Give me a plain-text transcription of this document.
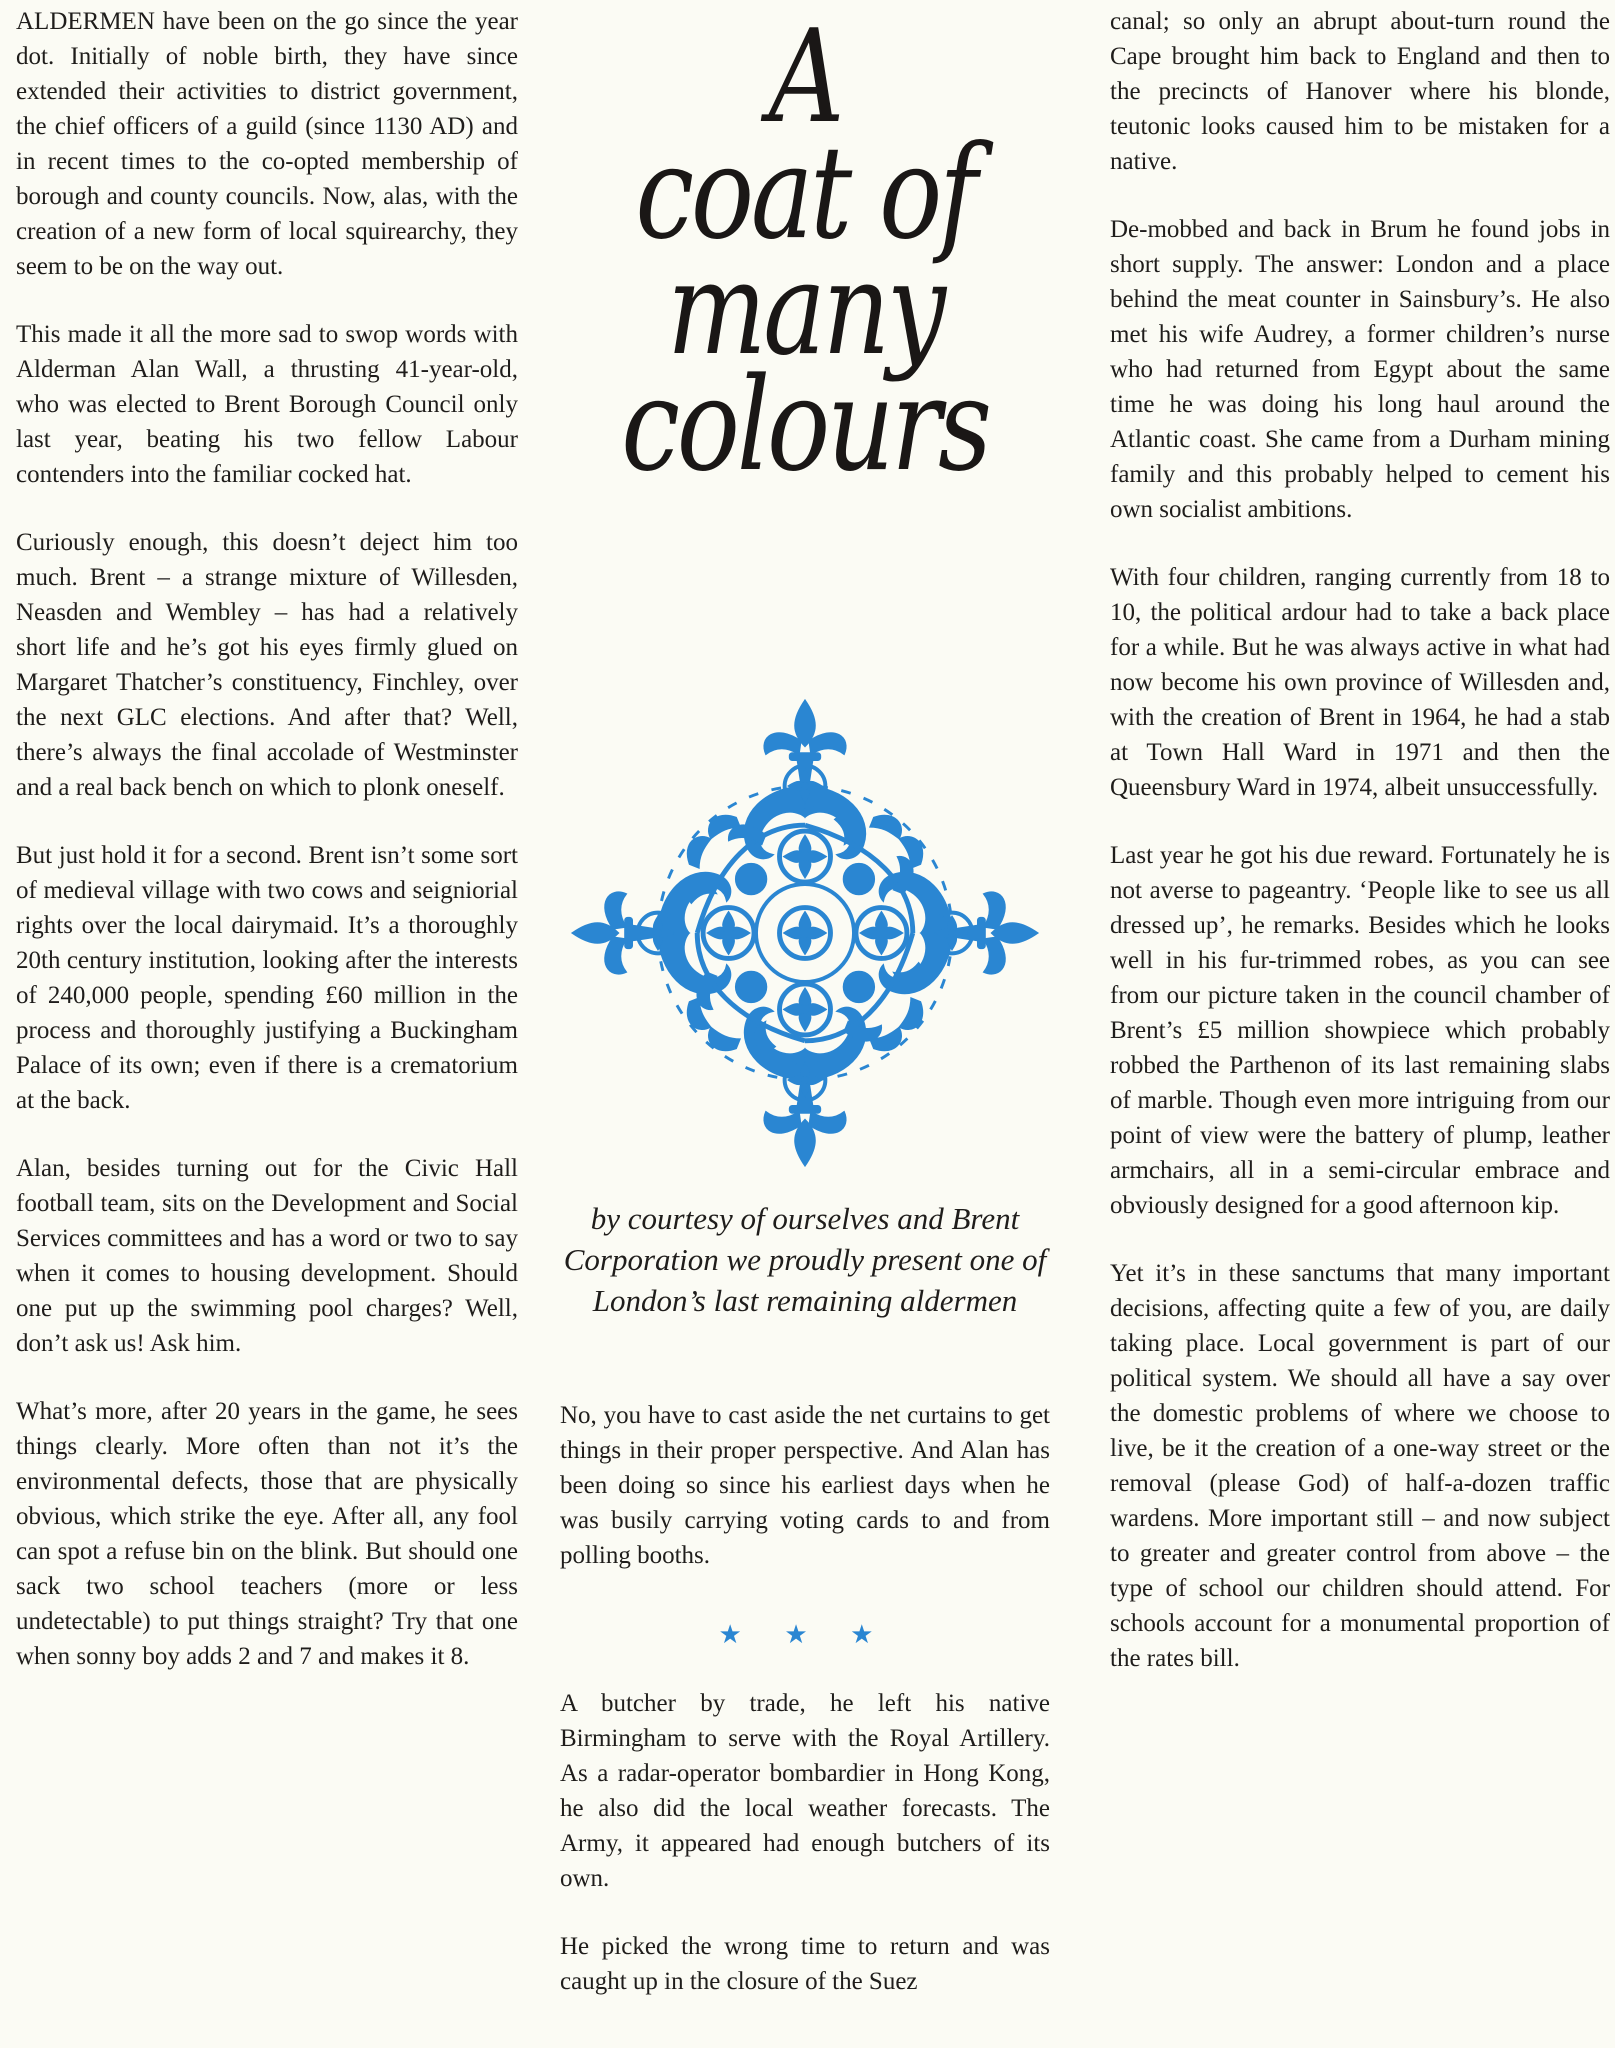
ALDERMEN have been on the go since the year dot. Initially of noble birth, they have since extended their activities to district government, the chief officers of a guild (since 1130 AD) and in recent times to the co-opted membership of borough and county councils. Now, alas, with the creation of a new form of local squirearchy, they seem to be on the way out.

This made it all the more sad to swop words with Alderman Alan Wall, a thrusting 41-year-old, who was elected to Brent Borough Council only last year, beating his two fellow Labour contenders into the familiar cocked hat.

Curiously enough, this doesn’t deject him too much. Brent – a strange mixture of Willesden, Neasden and Wembley – has had a relatively short life and he’s got his eyes firmly glued on Margaret Thatcher’s constituency, Finchley, over the next GLC elections. And after that? Well, there’s always the final accolade of Westminster and a real back bench on which to plonk oneself.

But just hold it for a second. Brent isn’t some sort of medieval village with two cows and seigniorial rights over the local dairymaid. It’s a thoroughly 20th century institution, looking after the interests of 240,000 people, spending £60 million in the process and thoroughly justifying a Buckingham Palace of its own; even if there is a crematorium at the back.

Alan, besides turning out for the Civic Hall football team, sits on the Development and Social Services committees and has a word or two to say when it comes to housing development. Should one put up the swimming pool charges? Well, don’t ask us! Ask him.

What’s more, after 20 years in the game, he sees things clearly. More often than not it’s the environmental defects, those that are physically obvious, which strike the eye. After all, any fool can spot a refuse bin on the blink. But should one sack two school teachers (more or less undetectable) to put things straight? Try that one when sonny boy adds 2 and 7 and makes it 8.

A
coat of
many
colours
by courtesy of ourselves and Brent Corporation we proudly present one of London’s last remaining aldermen

No, you have to cast aside the net curtains to get things in their proper perspective. And Alan has been doing so since his earliest days when he was busily carrying voting cards to and from polling booths.

★ ★ ★

A butcher by trade, he left his native Birmingham to serve with the Royal Artillery. As a radar-operator bombardier in Hong Kong, he also did the local weather forecasts. The Army, it appeared had enough butchers of its own.

He picked the wrong time to return and was caught up in the closure of the Suez

canal; so only an abrupt about-turn round the Cape brought him back to England and then to the precincts of Hanover where his blonde, teutonic looks caused him to be mistaken for a native.

De-mobbed and back in Brum he found jobs in short supply. The answer: London and a place behind the meat counter in Sainsbury’s. He also met his wife Audrey, a former children’s nurse who had returned from Egypt about the same time he was doing his long haul around the Atlantic coast. She came from a Durham mining family and this probably helped to cement his own socialist ambitions.

With four children, ranging currently from 18 to 10, the political ardour had to take a back place for a while. But he was always active in what had now become his own province of Willesden and, with the creation of Brent in 1964, he had a stab at Town Hall Ward in 1971 and then the Queensbury Ward in 1974, albeit unsuccessfully.

Last year he got his due reward. Fortunately he is not averse to pageantry. ‘People like to see us all dressed up’, he remarks. Besides which he looks well in his fur-trimmed robes, as you can see from our picture taken in the council chamber of Brent’s £5 million showpiece which probably robbed the Parthenon of its last remaining slabs of marble. Though even more intriguing from our point of view were the battery of plump, leather armchairs, all in a semi-circular embrace and obviously designed for a good afternoon kip.

Yet it’s in these sanctums that many important decisions, affecting quite a few of you, are daily taking place. Local government is part of our political system. We should all have a say over the domestic problems of where we choose to live, be it the creation of a one-way street or the removal (please God) of half-a-dozen traffic wardens. More important still – and now subject to greater and greater control from above – the type of school our children should attend. For schools account for a monumental proportion of the rates bill.
